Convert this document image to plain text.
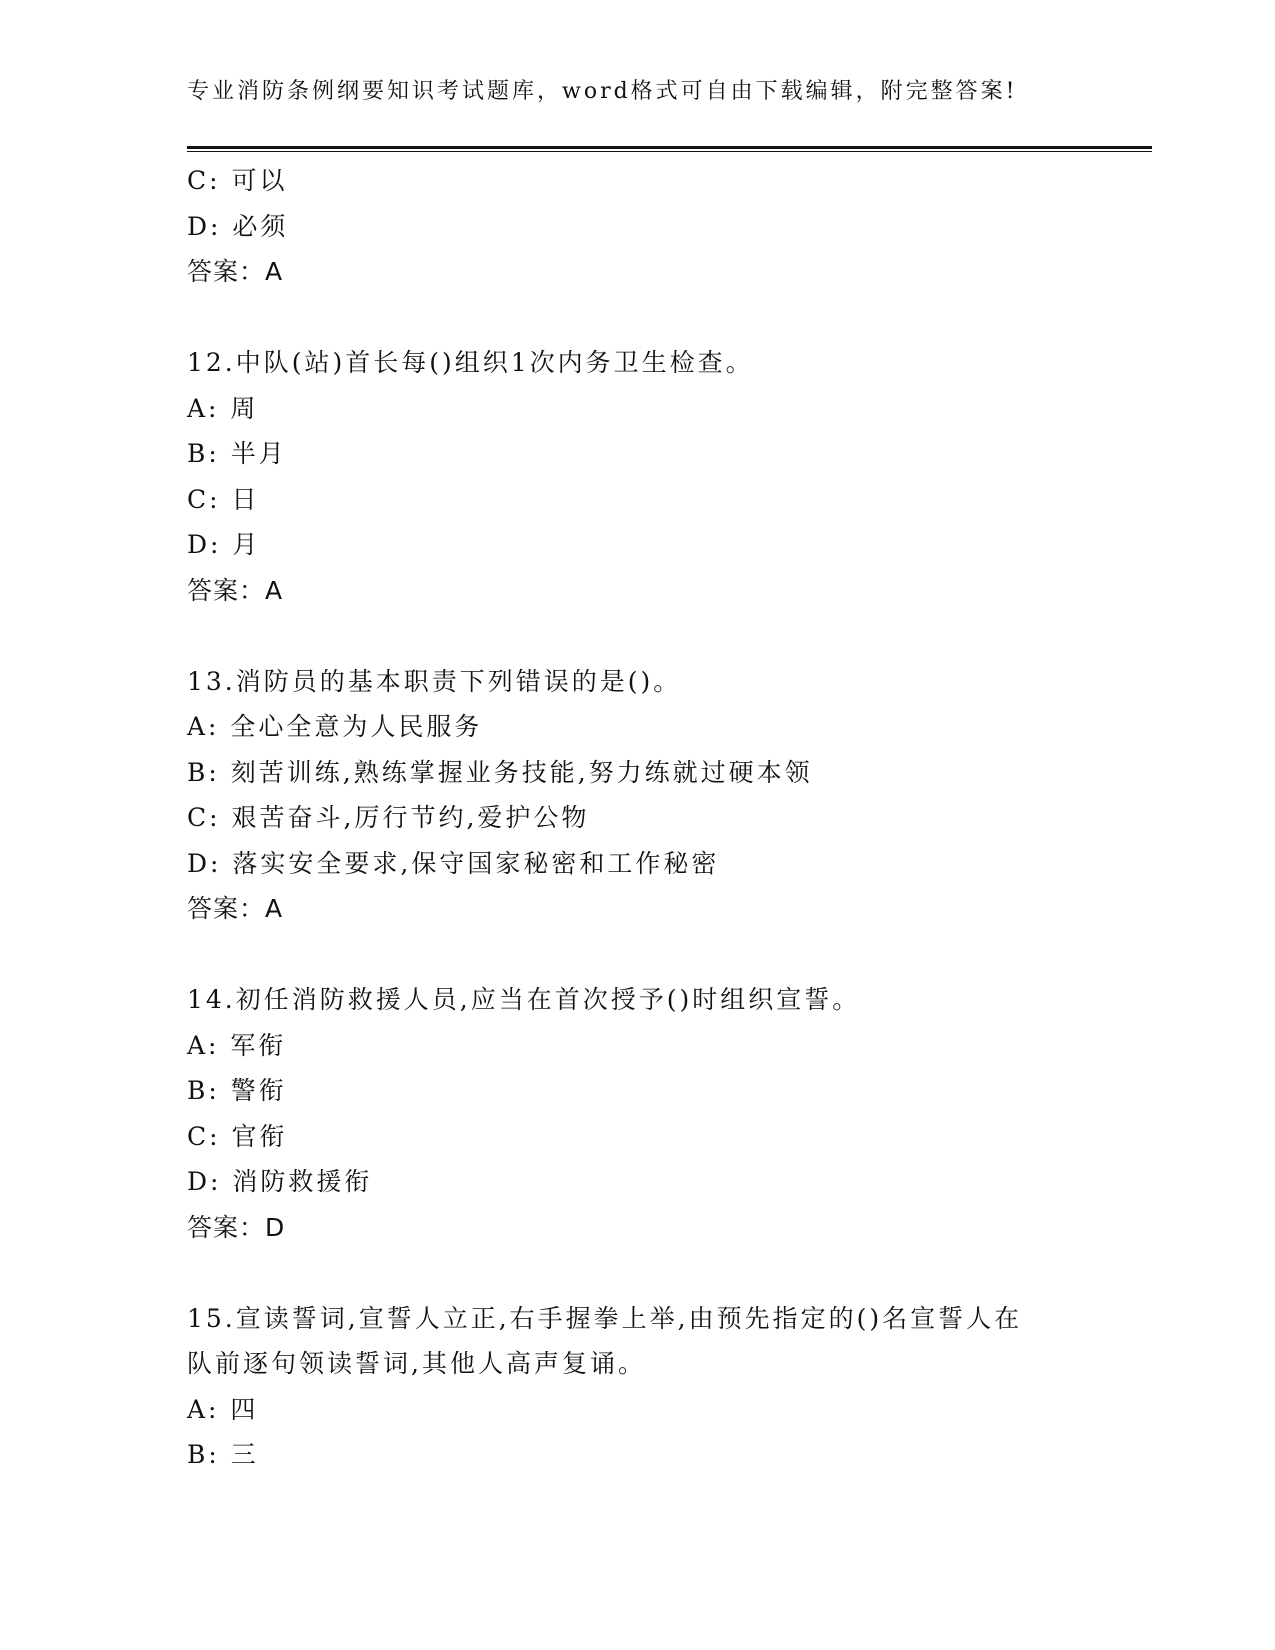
专业消防条例纲要知识考试题库，word格式可自由下载编辑，附完整答案!
C: 可以
D: 必须
答案：A
12.中队(站)首长每()组织1次内务卫生检查。
A: 周
B: 半月
C: 日
D: 月
答案：A
13.消防员的基本职责下列错误的是()。
A: 全心全意为人民服务
B: 刻苦训练,熟练掌握业务技能,努力练就过硬本领
C: 艰苦奋斗,厉行节约,爱护公物
D: 落实安全要求,保守国家秘密和工作秘密
答案：A
14.初任消防救援人员,应当在首次授予()时组织宣誓。
A: 军衔
B: 警衔
C: 官衔
D: 消防救援衔
答案：D
15.宣读誓词,宣誓人立正,右手握拳上举,由预先指定的()名宣誓人在
队前逐句领读誓词,其他人高声复诵。
A: 四
B: 三
